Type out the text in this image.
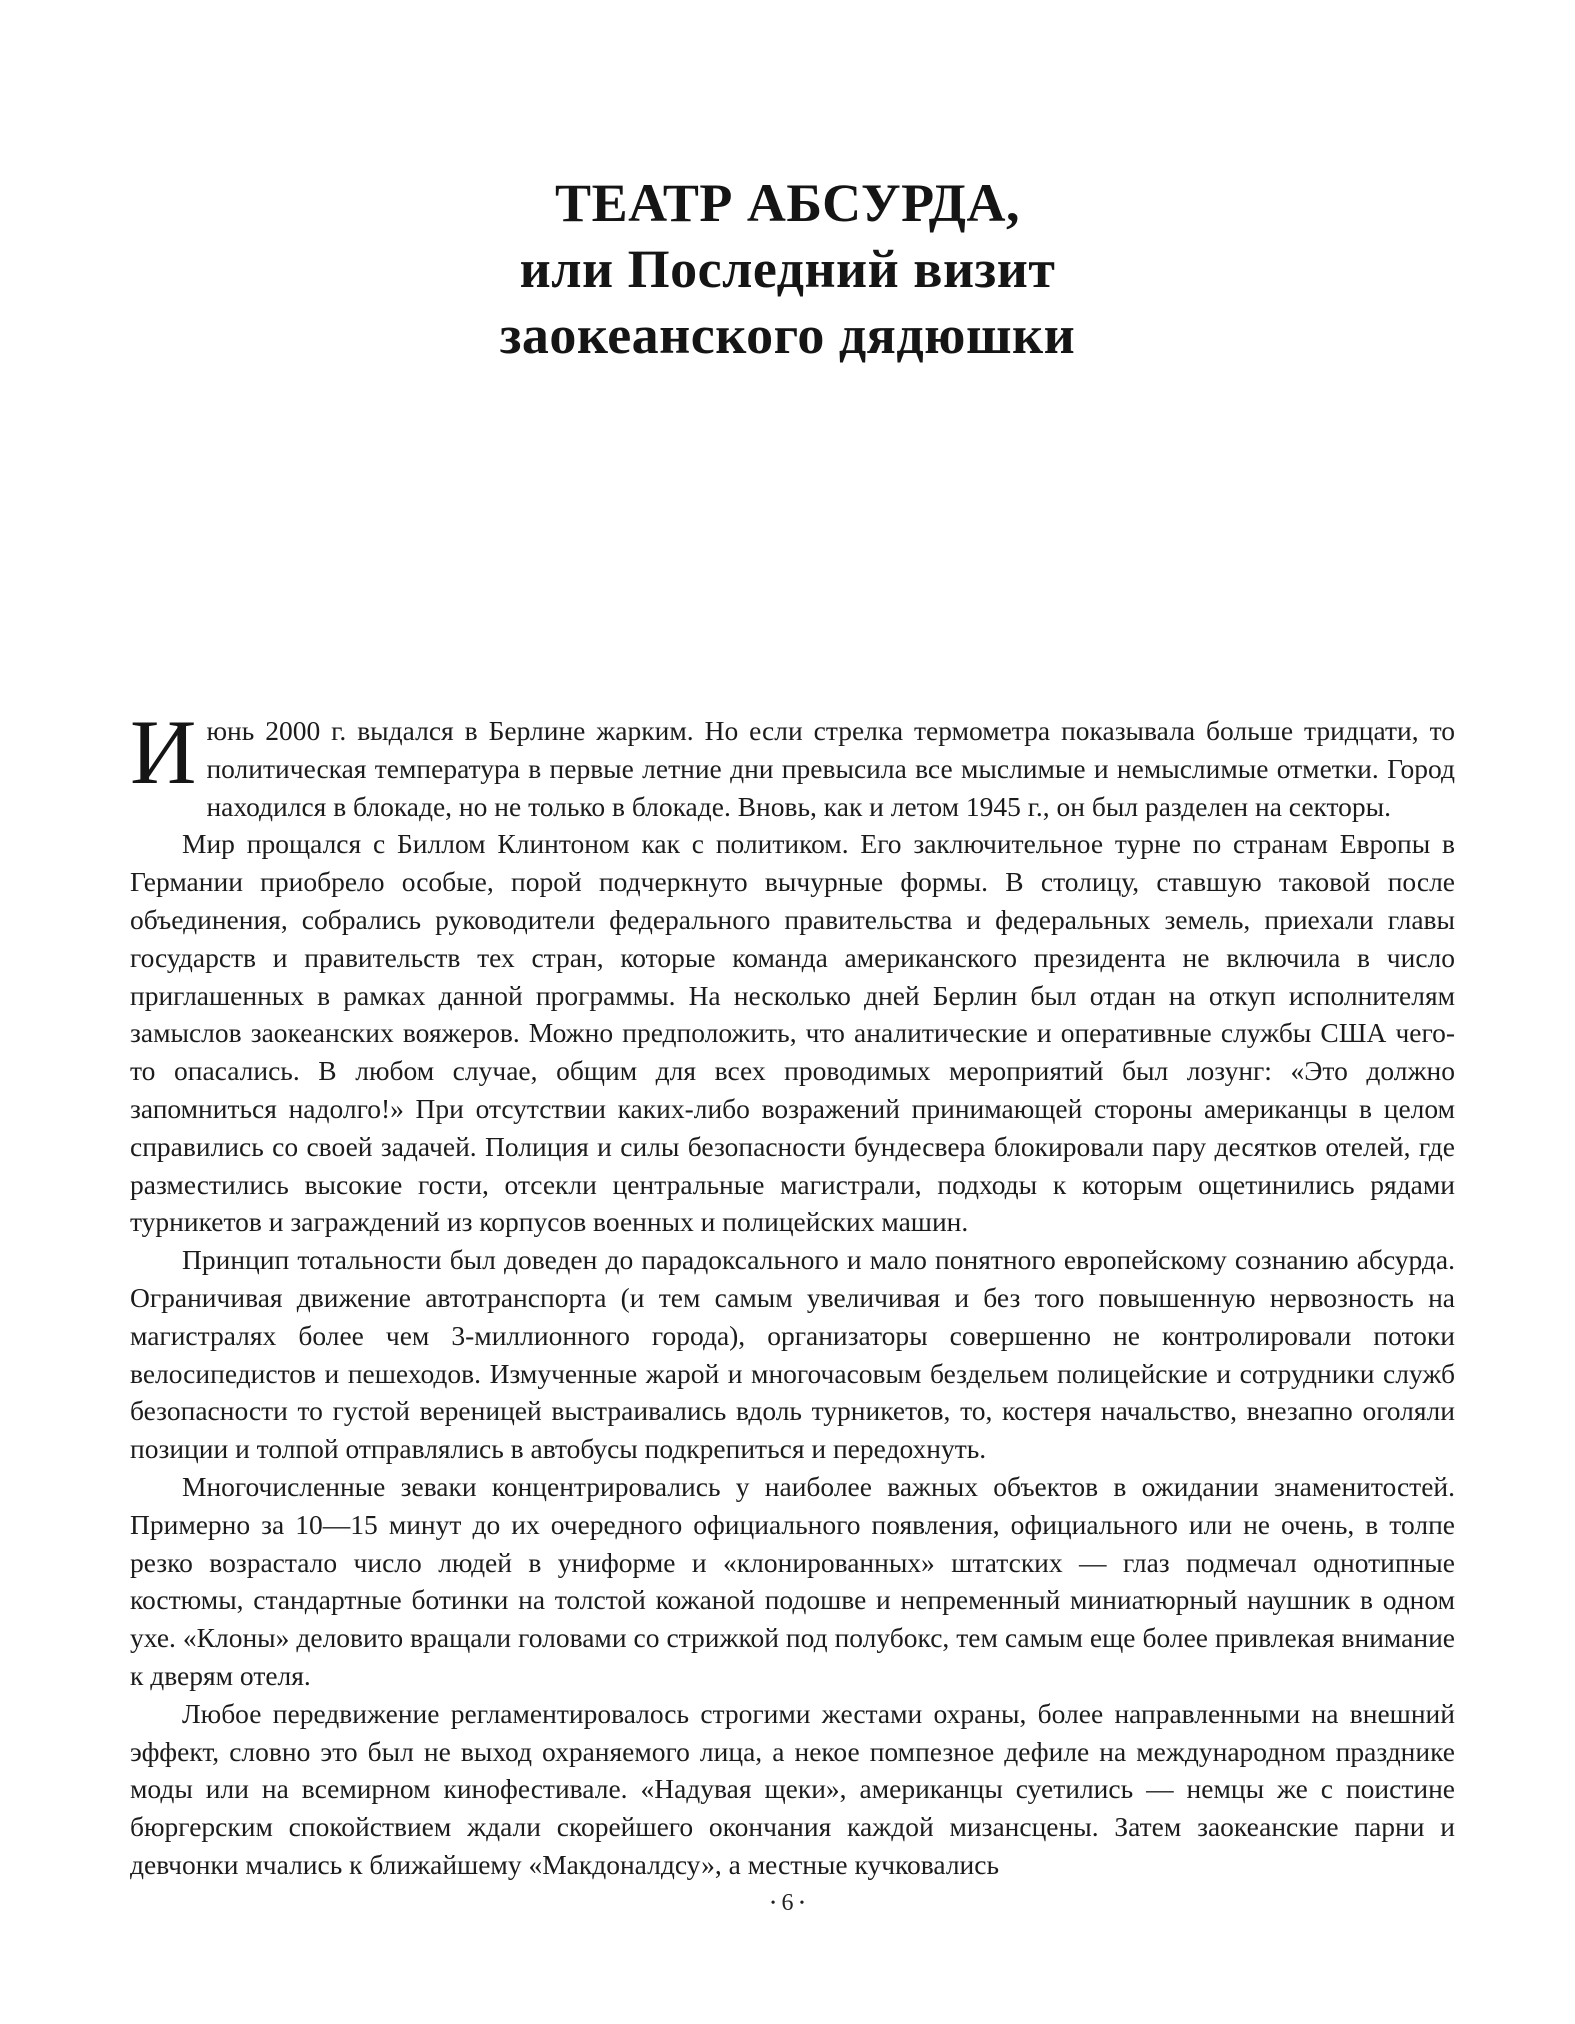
ТЕАТР АБСУРДА,
или Последний визит
заокеанского дядюшки

Июнь 2000 г. выдался в Берлине жарким. Но если стрелка термометра показывала больше тридцати, то политическая температура в первые летние дни превысила все мыслимые и немыслимые отметки. Город находился в блокаде, но не только в блокаде. Вновь, как и летом 1945 г., он был разделен на секторы.

Мир прощался с Биллом Клинтоном как с политиком. Его заключительное турне по странам Европы в Германии приобрело особые, порой подчеркнуто вычурные формы. В столицу, ставшую таковой после объединения, собрались руководители федерального правительства и федеральных земель, приехали главы государств и правительств тех стран, которые команда американского президента не включила в число приглашенных в рамках данной программы. На несколько дней Берлин был отдан на откуп исполнителям замыслов заокеанских вояжеров. Можно предположить, что аналитические и оперативные службы США чего-то опасались. В любом случае, общим для всех проводимых мероприятий был лозунг: «Это должно запомниться надолго!» При отсутствии каких-либо возражений принимающей стороны американцы в целом справились со своей задачей. Полиция и силы безопасности бундесвера блокировали пару десятков отелей, где разместились высокие гости, отсекли центральные магистрали, подходы к которым ощетинились рядами турникетов и заграждений из корпусов военных и полицейских машин.

Принцип тотальности был доведен до парадоксального и мало понятного европейскому сознанию абсурда. Ограничивая движение автотранспорта (и тем самым увеличивая и без того повышенную нервозность на магистралях более чем 3-миллионного города), организаторы совершенно не контролировали потоки велосипедистов и пешеходов. Измученные жарой и многочасовым бездельем полицейские и сотрудники служб безопасности то густой вереницей выстраивались вдоль турникетов, то, костеря начальство, внезапно оголяли позиции и толпой отправлялись в автобусы подкрепиться и передохнуть.

Многочисленные зеваки концентрировались у наиболее важных объектов в ожидании знаменитостей. Примерно за 10—15 минут до их очередного официального появления, официального или не очень, в толпе резко возрастало число людей в униформе и «клонированных» штатских — глаз подмечал однотипные костюмы, стандартные ботинки на толстой кожаной подошве и непременный миниатюрный наушник в одном ухе. «Клоны» деловито вращали головами со стрижкой под полубокс, тем самым еще более привлекая внимание к дверям отеля.

Любое передвижение регламентировалось строгими жестами охраны, более направленными на внешний эффект, словно это был не выход охраняемого лица, а некое помпезное дефиле на международном празднике моды или на всемирном кинофестивале. «Надувая щеки», американцы суетились — немцы же с поистине бюргерским спокойствием ждали скорейшего окончания каждой мизансцены. Затем заокеанские парни и девчонки мчались к ближайшему «Макдоналдсу», а местные кучковались

• 6 •
